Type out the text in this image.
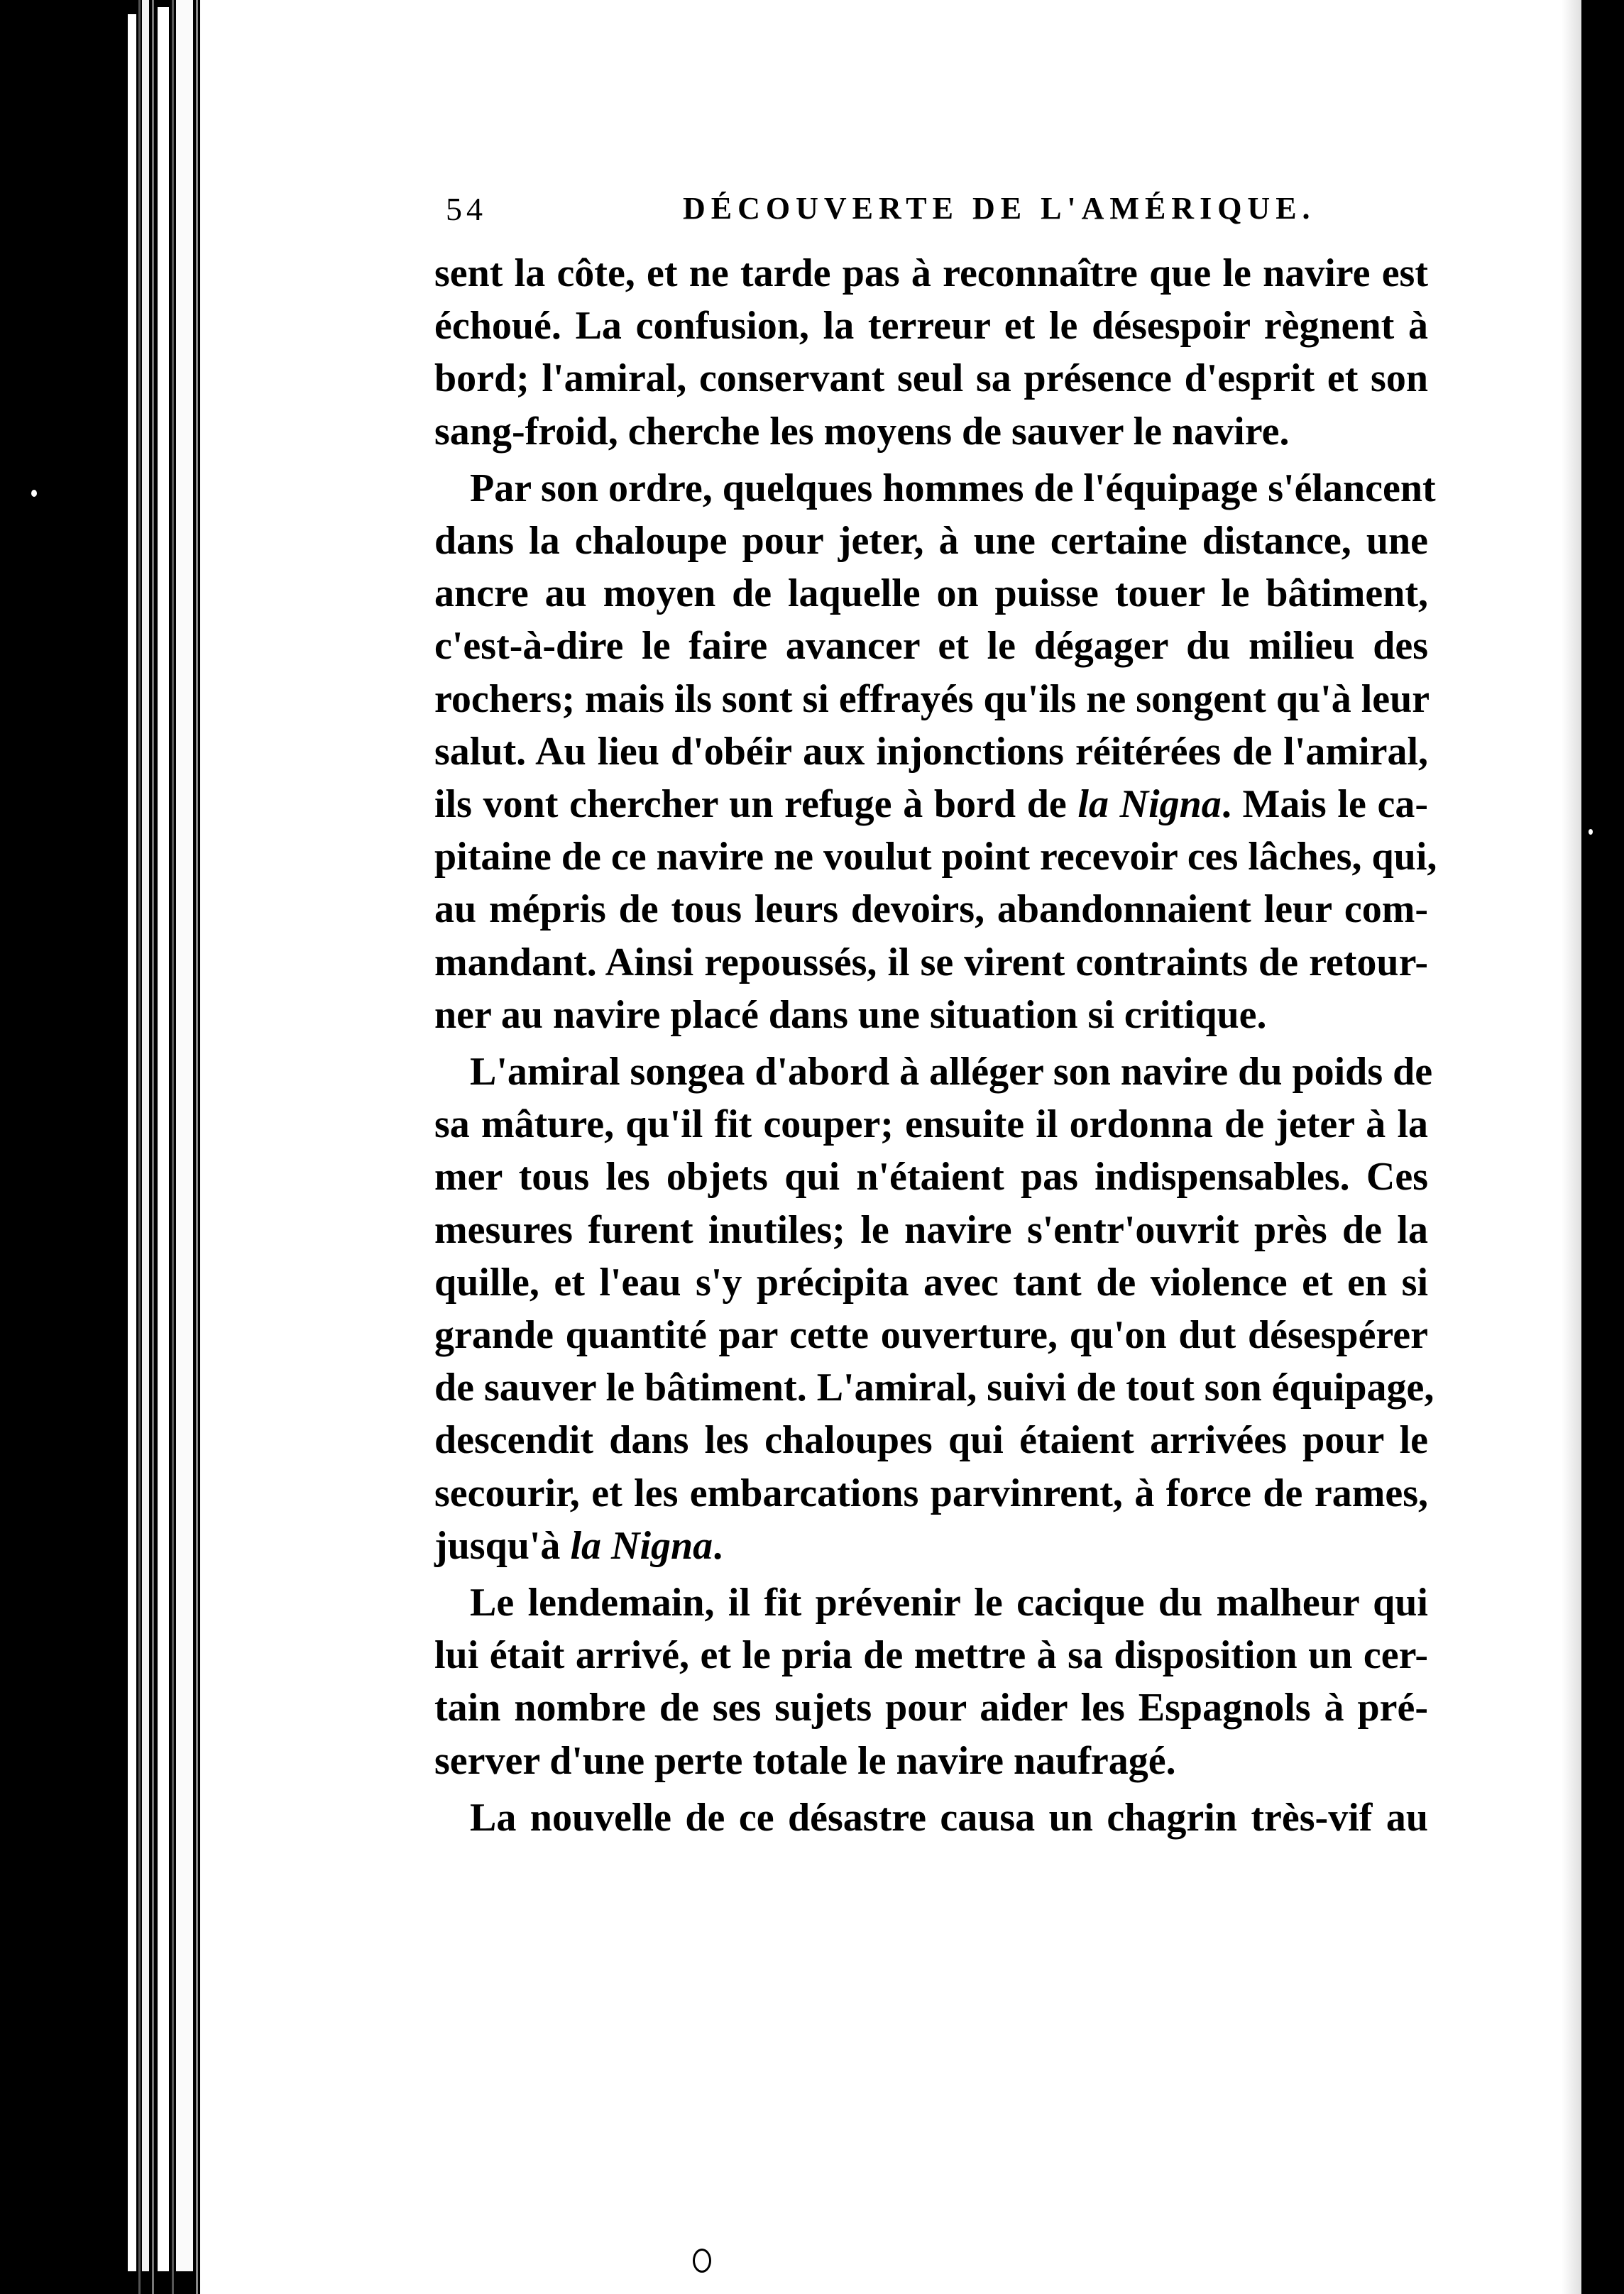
54	DÉCOUVERTE DE L'AMÉRIQUE.
sent la côte, et ne tarde pas à reconnaître que le navire est
échoué. La confusion, la terreur et le désespoir règnent à
bord; l'amiral, conservant seul sa présence d'esprit et son
sang-froid, cherche les moyens de sauver le navire.
Par son ordre, quelques hommes de l'équipage s'élancent
dans la chaloupe pour jeter, à une certaine distance, une
ancre au moyen de laquelle on puisse touer le bâtiment,
c'est-à-dire le faire avancer et le dégager du milieu des
rochers; mais ils sont si effrayés qu'ils ne songent qu'à leur
salut. Au lieu d'obéir aux injonctions réitérées de l'amiral,
ils vont chercher un refuge à bord de la Nigna. Mais le ca-
pitaine de ce navire ne voulut point recevoir ces lâches, qui,
au mépris de tous leurs devoirs, abandonnaient leur com-
mandant. Ainsi repoussés, il se virent contraints de retour-
ner au navire placé dans une situation si critique.
L'amiral songea d'abord à alléger son navire du poids de
sa mâture, qu'il fit couper; ensuite il ordonna de jeter à la
mer tous les objets qui n'étaient pas indispensables. Ces
mesures furent inutiles; le navire s'entr'ouvrit près de la
quille, et l'eau s'y précipita avec tant de violence et en si
grande quantité par cette ouverture, qu'on dut désespérer
de sauver le bâtiment. L'amiral, suivi de tout son équipage,
descendit dans les chaloupes qui étaient arrivées pour le
secourir, et les embarcations parvinrent, à force de rames,
jusqu'à la Nigna.
Le lendemain, il fit prévenir le cacique du malheur qui
lui était arrivé, et le pria de mettre à sa disposition un cer-
tain nombre de ses sujets pour aider les Espagnols à pré-
server d'une perte totale le navire naufragé.
La nouvelle de ce désastre causa un chagrin très-vif au
